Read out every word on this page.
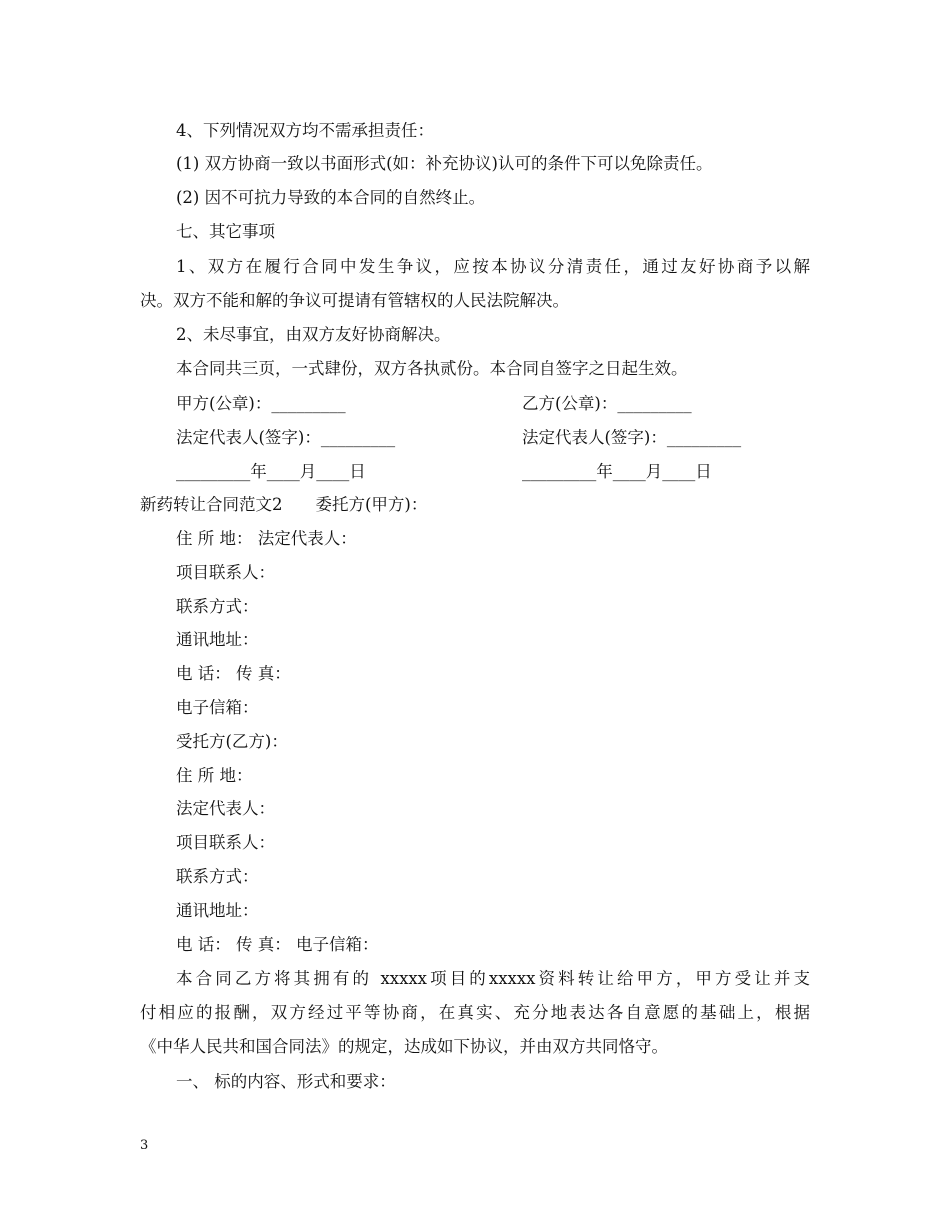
4、下列情况双方均不需承担责任：
(1) 双方协商一致以书面形式(如：补充协议)认可的条件下可以免除责任。
(2) 因不可抗力导致的本合同的自然终止。
七、其它事项
1、双方在履行合同中发生争议，应按本协议分清责任，通过友好协商予以解
决。双方不能和解的争议可提请有管辖权的人民法院解决。
2、未尽事宜，由双方友好协商解决。
本合同共三页，一式肆份，双方各执贰份。本合同自签字之日起生效。
甲方(公章)：_________	乙方(公章)：_________
法定代表人(签字)：_________	法定代表人(签字)：_________
_________年____月____日	_________年____月____日
新药转让合同范文2　　委托方(甲方)：
住 所 地： 法定代表人：
项目联系人：
联系方式：
通讯地址：
电 话： 传 真：
电子信箱：
受托方(乙方)：
住 所 地：
法定代表人：
项目联系人：
联系方式：
通讯地址：
电 话： 传 真： 电子信箱：
本合同乙方将其拥有的 xxxxx项目的xxxxx资料转让给甲方，甲方受让并支
付相应的报酬，双方经过平等协商，在真实、充分地表达各自意愿的基础上，根据
《中华人民共和国合同法》的规定，达成如下协议，并由双方共同恪守。
一、 标的内容、形式和要求：
3
